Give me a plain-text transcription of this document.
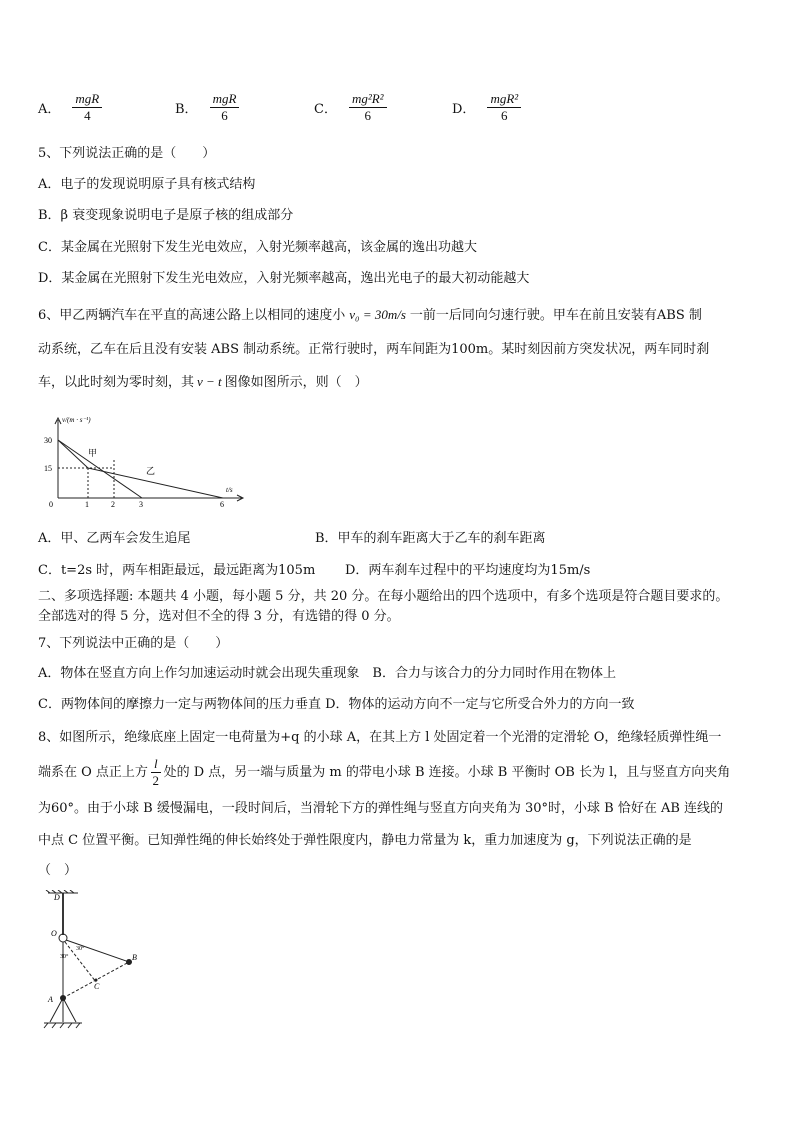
A． $\frac{\text{mgR}}{4}$	B． $\frac{\text{mgR}}{6}$	C． $\frac{\text{mg²R²}}{6}$	D． $\frac{\text{mgR²}}{6}$
5、下列说法正确的是（　　）
A．电子的发现说明原子具有核式结构
B．β 衰变现象说明电子是原子核的组成部分
C．某金属在光照射下发生光电效应，入射光频率越高，该金属的逸出功越大
D．某金属在光照射下发生光电效应，入射光频率越高，逸出光电子的最大初动能越大
6、甲乙两辆汽车在平直的高速公路上以相同的速度小 v₀ = 30m/s 一前一后同向匀速行驶。甲车在前且安装有ABS 制
动系统，乙车在后且没有安装 ABS 制动系统。正常行驶时，两车间距为100m。某时刻因前方突发状况，两车同时刹
车，以此时刻为零时刻，其 v − t 图像如图所示，则（　）
v/(m · s⁻¹)
t/s
30
15
0	1	2	3	6
甲
乙
A．甲、乙两车会发生追尾	B．甲车的刹车距离大于乙车的刹车距离
C．t=2s 时，两车相距最远，最远距离为105m D．两车刹车过程中的平均速度均为15m/s
二、多项选择题: 本题共 4 小题，每小题 5 分，共 20 分。在每小题给出的四个选项中，有多个选项是符合题目要求的。
全部选对的得 5 分，选对但不全的得 3 分，有选错的得 0 分。
7、下列说法中正确的是（　　）
A．物体在竖直方向上作匀加速运动时就会出现失重现象　B．合力与该合力的分力同时作用在物体上
C．两物体间的摩擦力一定与两物体间的压力垂直 D．物体的运动方向不一定与它所受合外力的方向一致
8、如图所示，绝缘底座上固定一电荷量为+q 的小球 A，在其上方 l 处固定着一个光滑的定滑轮 O，绝缘轻质弹性绳一
端系在 O 点正上方 $\frac{l}{2}$ 处的 D 点，另一端与质量为 m 的带电小球 B 连接。小球 B 平衡时 OB 长为 l，且与竖直方向夹角
为60°。由于小球 B 缓慢漏电，一段时间后，当滑轮下方的弹性绳与竖直方向夹角为 30°时，小球 B 恰好在 AB 连线的
中点 C 位置平衡。已知弹性绳的伸长始终处于弹性限度内，静电力常量为 k，重力加速度为 g，下列说法正确的是
（　）
D
O
B
A
C
30°
30°
